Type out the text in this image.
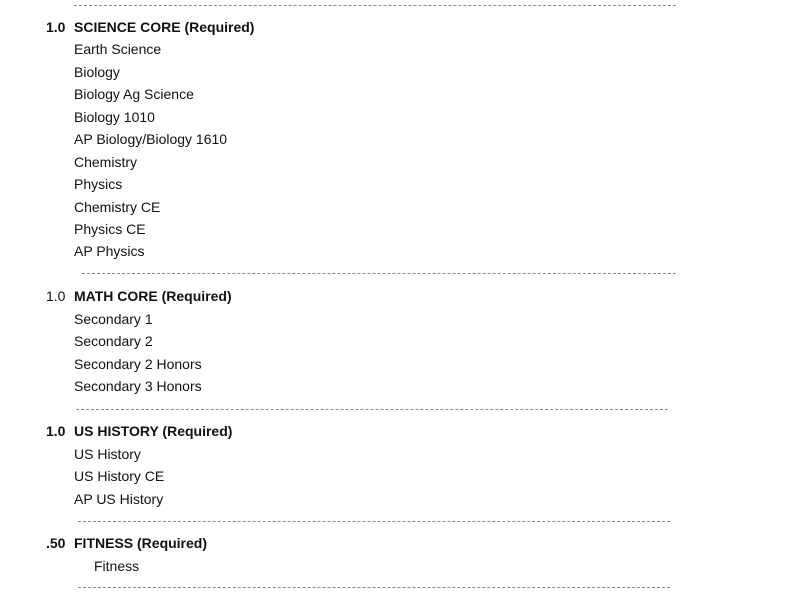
1.0 SCIENCE CORE (Required)
Earth Science
Biology
Biology Ag Science
Biology 1010
AP Biology/Biology 1610
Chemistry
Physics
Chemistry CE
Physics CE
AP Physics
1.0 MATH CORE (Required)
Secondary 1
Secondary 2
Secondary 2 Honors
Secondary 3 Honors
1.0 US HISTORY (Required)
US History
US History CE
AP US History
.50 FITNESS (Required)
Fitness
